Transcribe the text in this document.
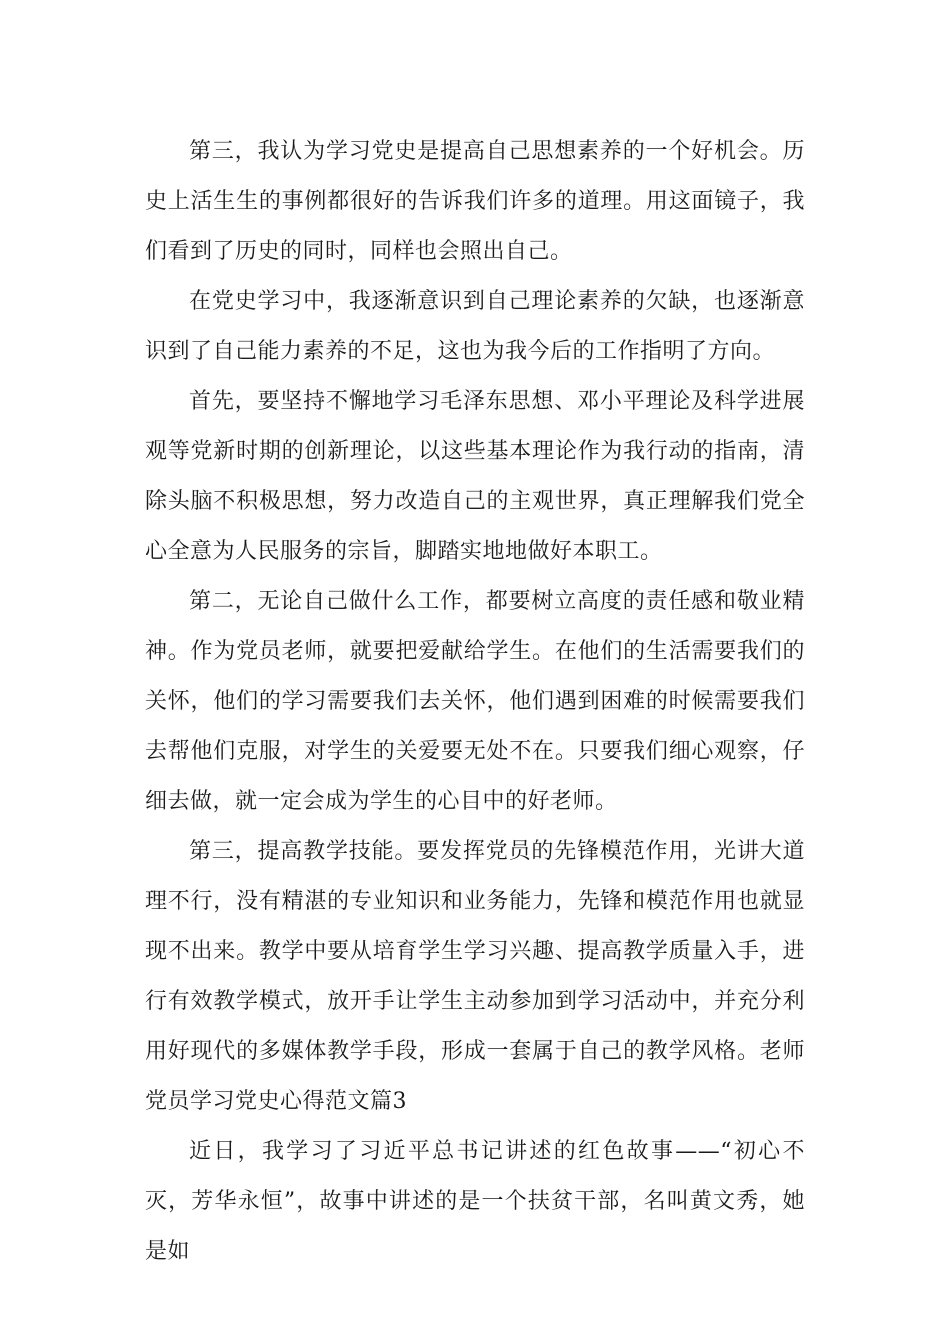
第三，我认为学习党史是提高自己思想素养的一个好机会。历史上活生生的事例都很好的告诉我们许多的道理。用这面镜子，我们看到了历史的同时，同样也会照出自己。

在党史学习中，我逐渐意识到自己理论素养的欠缺，也逐渐意识到了自己能力素养的不足，这也为我今后的工作指明了方向。

首先，要坚持不懈地学习毛泽东思想、邓小平理论及科学进展观等党新时期的创新理论，以这些基本理论作为我行动的指南，清除头脑不积极思想，努力改造自己的主观世界，真正理解我们党全心全意为人民服务的宗旨，脚踏实地地做好本职工。

第二，无论自己做什么工作，都要树立高度的责任感和敬业精神。作为党员老师，就要把爱献给学生。在他们的生活需要我们的关怀，他们的学习需要我们去关怀，他们遇到困难的时候需要我们去帮他们克服，对学生的关爱要无处不在。只要我们细心观察，仔细去做，就一定会成为学生的心目中的好老师。

第三，提高教学技能。要发挥党员的先锋模范作用，光讲大道理不行，没有精湛的专业知识和业务能力，先锋和模范作用也就显现不出来。教学中要从培育学生学习兴趣、提高教学质量入手，进行有效教学模式，放开手让学生主动参加到学习活动中，并充分利用好现代的多媒体教学手段，形成一套属于自己的教学风格。老师党员学习党史心得范文篇3

近日，我学习了习近平总书记讲述的红色故事——“初心不灭，芳华永恒”，故事中讲述的是一个扶贫干部，名叫黄文秀，她是如
